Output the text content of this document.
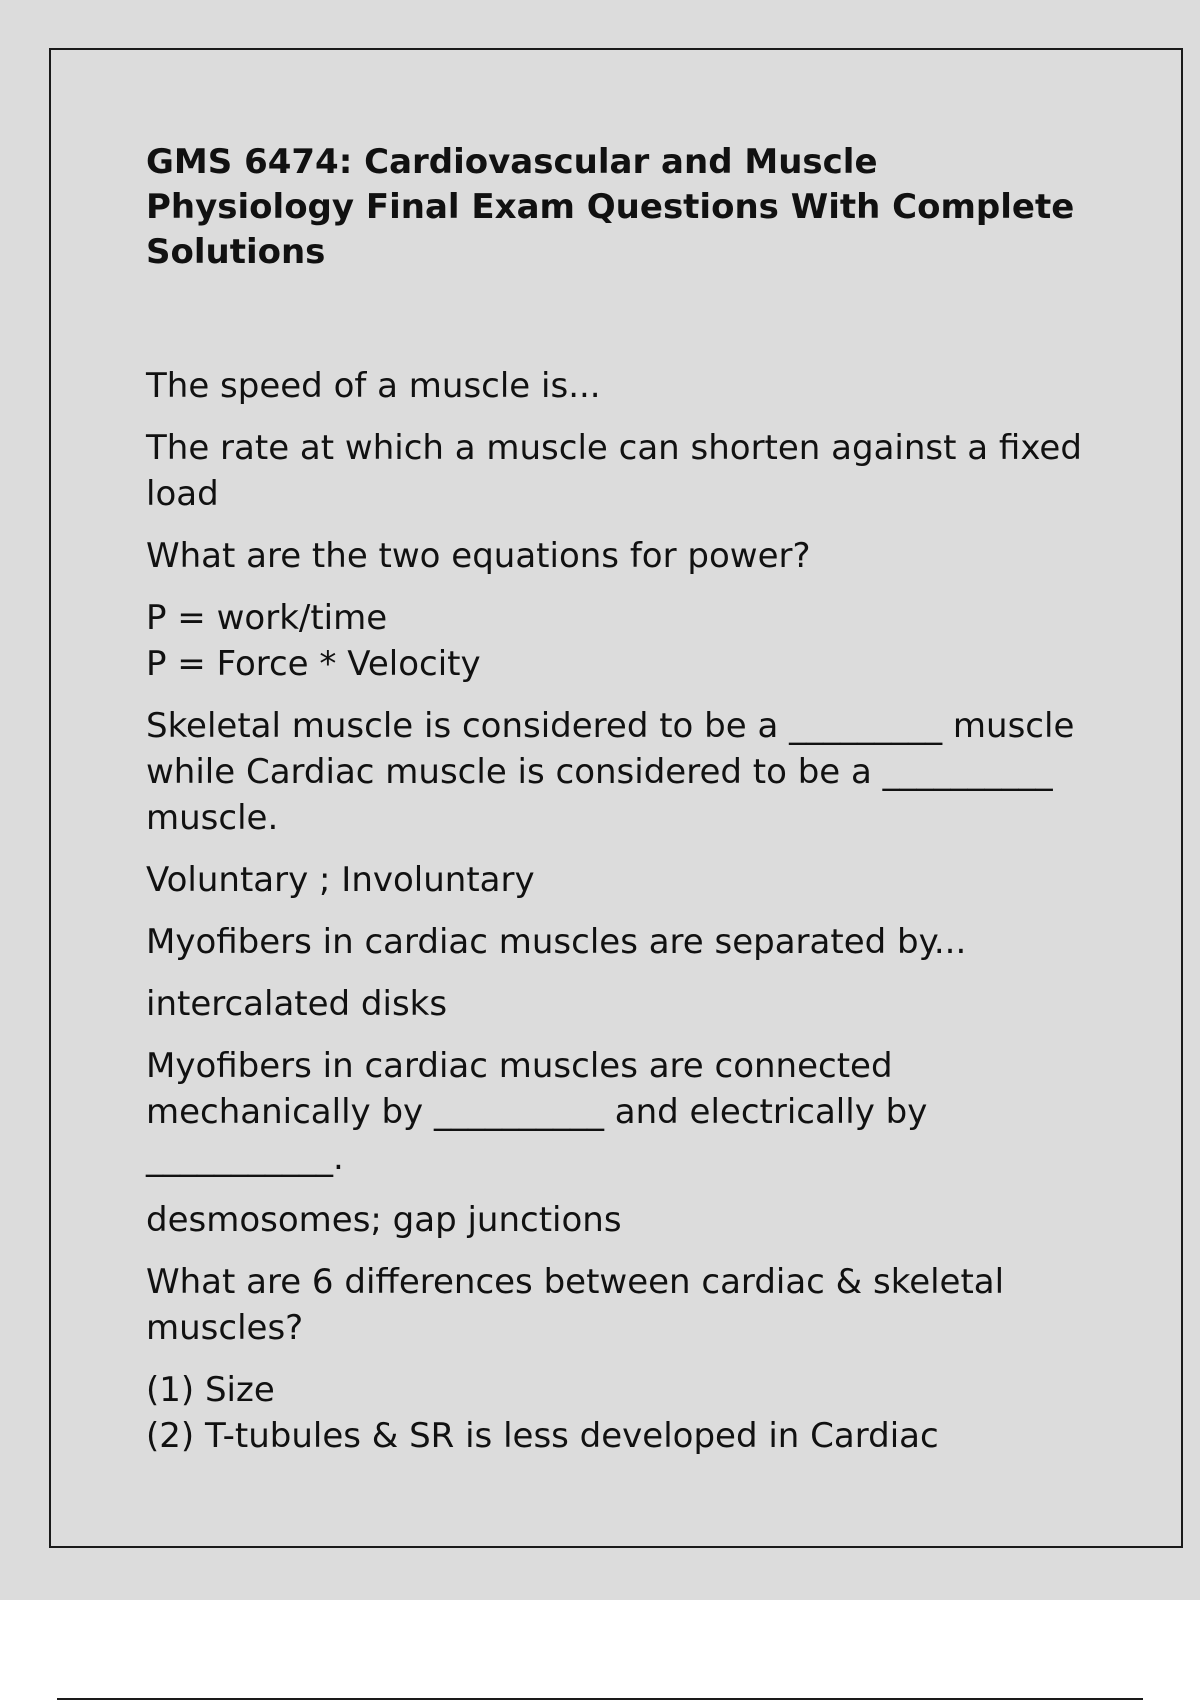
GMS 6474: Cardiovascular and Muscle Physiology Final Exam Questions With Complete Solutions

The speed of a muscle is...

The rate at which a muscle can shorten against a fixed load

What are the two equations for power?

P = work/time
P = Force * Velocity

Skeletal muscle is considered to be a _________ muscle while Cardiac muscle is considered to be a __________ muscle.

Voluntary ; Involuntary

Myofibers in cardiac muscles are separated by...

intercalated disks

Myofibers in cardiac muscles are connected mechanically by __________ and electrically by ___________.

desmosomes; gap junctions

What are 6 differences between cardiac & skeletal muscles?

(1) Size
(2) T-tubules & SR is less developed in Cardiac
